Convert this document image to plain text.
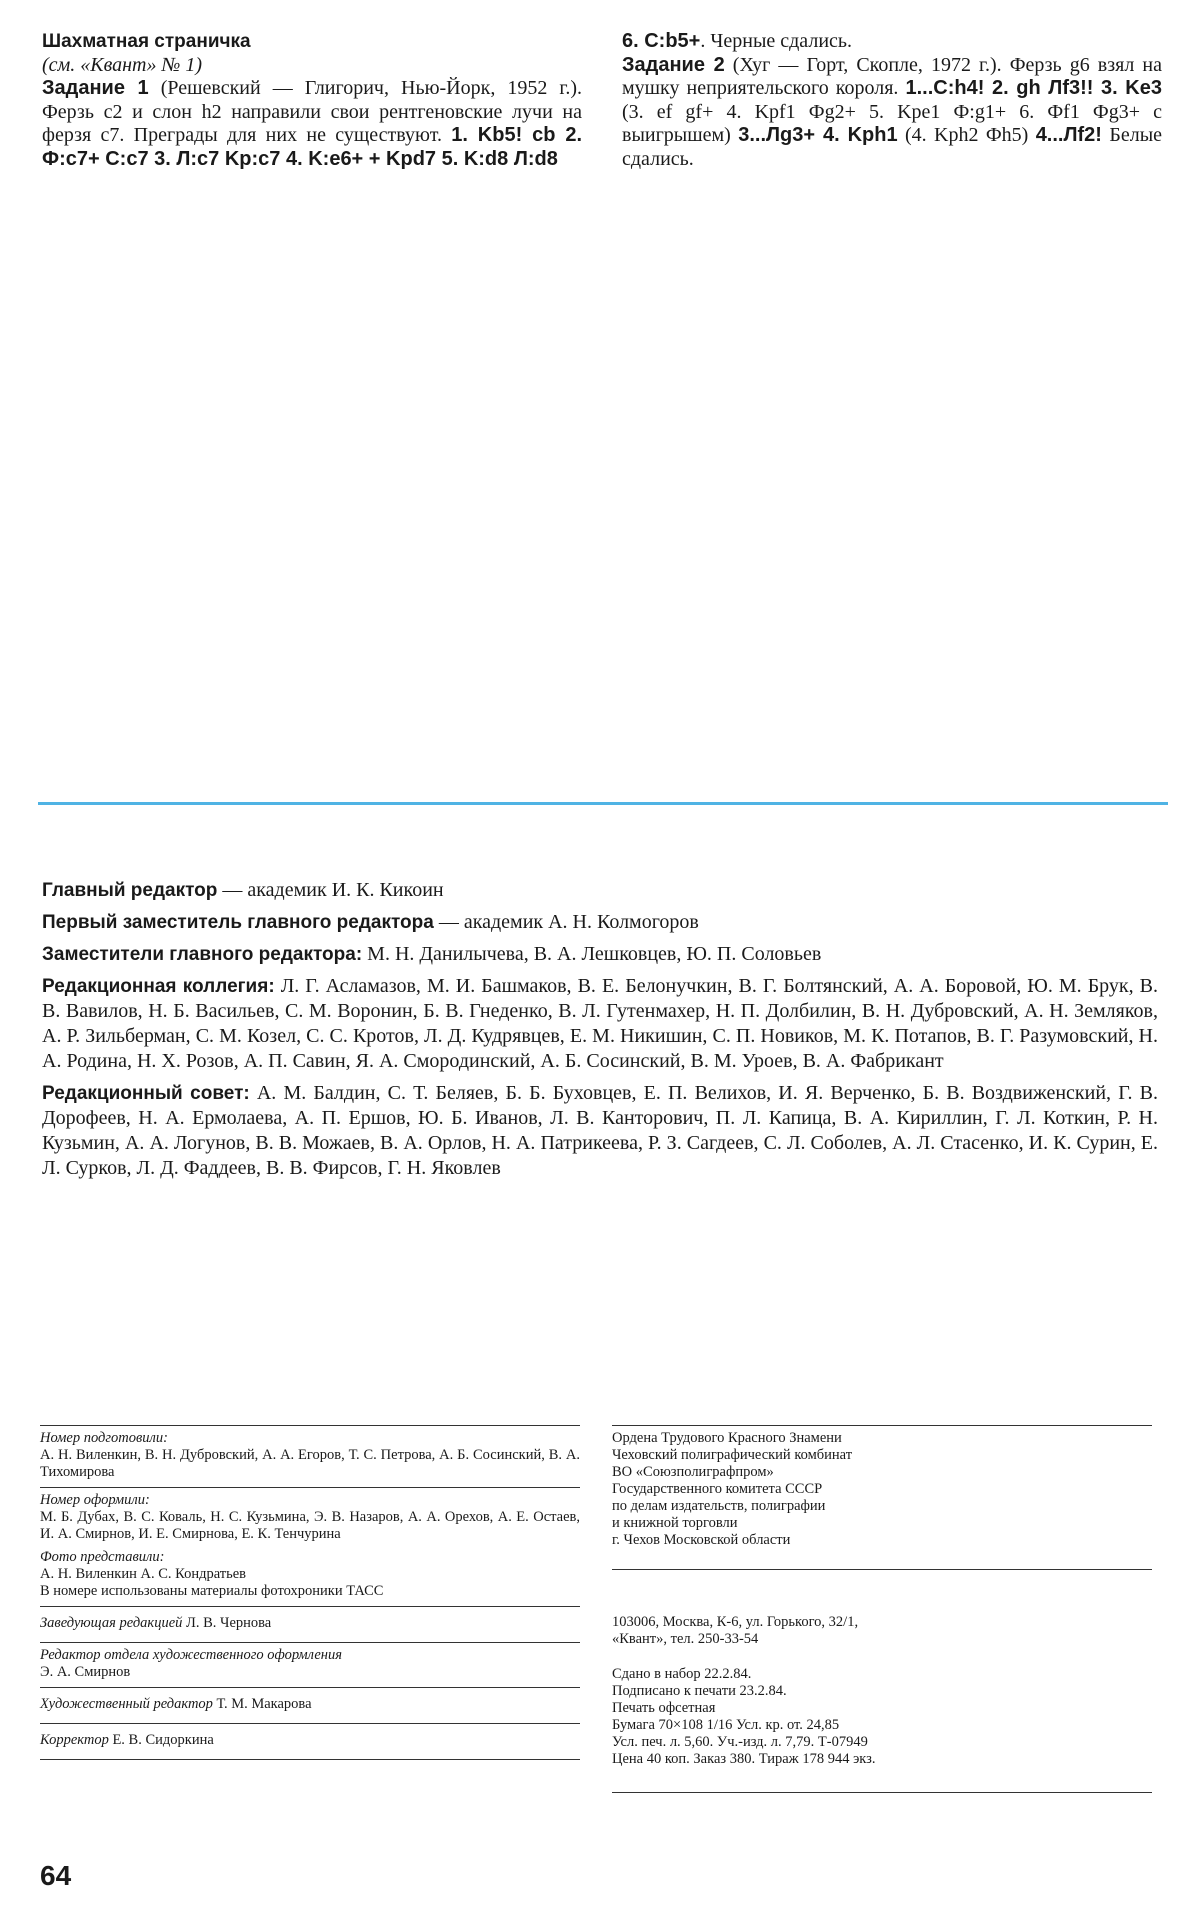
Шахматная страничка

(см. «Квант» № 1)

Задание 1 (Решевский — Глигорич, Нью-Йорк, 1952 г.). Ферзь c2 и слон h2 направили свои рентгеновские лучи на ферзя c7. Преграды для них не существуют. 1. Kb5! cb 2. Ф:c7+ C:c7 3. Л:c7 Kp:c7 4. K:e6+ + Kpd7 5. K:d8 Л:d8

6. C:b5+. Черные сдались.

Задание 2 (Хуг — Горт, Скопле, 1972 г.). Ферзь g6 взял на мушку неприятельского короля. 1...C:h4! 2. gh Лf3!! 3. Ke3 (3. ef gf+ 4. Kpf1 Фg2+ 5. Kpe1 Ф:g1+ 6. Фf1 Фg3+ с выигрышем) 3...Лg3+ 4. Kph1 (4. Kph2 Фh5) 4...Лf2! Белые сдались.

Главный редактор — академик И. К. Кикоин

Первый заместитель главного редактора — академик А. Н. Колмогоров

Заместители главного редактора: М. Н. Данилычева, В. А. Лешковцев, Ю. П. Соловьев

Редакционная коллегия: Л. Г. Асламазов, М. И. Башмаков, В. Е. Белонучкин, В. Г. Болтянский, А. А. Боровой, Ю. М. Брук, В. В. Вавилов, Н. Б. Васильев, С. М. Воронин, Б. В. Гнеденко, В. Л. Гутенмахер, Н. П. Долбилин, В. Н. Дубровский, А. Н. Земляков, А. Р. Зильберман, С. М. Козел, С. С. Кротов, Л. Д. Кудрявцев, Е. М. Никишин, С. П. Новиков, М. К. Потапов, В. Г. Разумовский, Н. А. Родина, Н. Х. Розов, А. П. Савин, Я. А. Смородинский, А. Б. Сосинский, В. М. Уроев, В. А. Фабрикант

Редакционный совет: А. М. Балдин, С. Т. Беляев, Б. Б. Буховцев, Е. П. Велихов, И. Я. Верченко, Б. В. Воздвиженский, Г. В. Дорофеев, Н. А. Ермолаева, А. П. Ершов, Ю. Б. Иванов, Л. В. Канторович, П. Л. Капица, В. А. Кириллин, Г. Л. Коткин, Р. Н. Кузьмин, А. А. Логунов, В. В. Можаев, В. А. Орлов, Н. А. Патрикеева, Р. З. Сагдеев, С. Л. Соболев, А. Л. Стасенко, И. К. Сурин, Е. Л. Сурков, Л. Д. Фаддеев, В. В. Фирсов, Г. Н. Яковлев

Номер подготовили:

А. Н. Виленкин, В. Н. Дубровский, А. А. Егоров, Т. С. Петрова, А. Б. Сосинский, В. А. Тихомирова

Номер оформили:

М. Б. Дубах, В. С. Коваль, Н. С. Кузьмина, Э. В. Назаров, А. А. Орехов, А. Е. Остаев, И. А. Смирнов, И. Е. Смирнова, Е. К. Тенчурина

Фото представили:

А. Н. Виленкин А. С. Кондратьев

В номере использованы материалы фотохроники ТАСС

Заведующая редакцией Л. В. Чернова

Редактор отдела художественного оформления

Э. А. Смирнов

Художественный редактор Т. М. Макарова

Корректор Е. В. Сидоркина

Ордена Трудового Красного Знамени

Чеховский полиграфический комбинат

ВО «Союзполиграфпром»

Государственного комитета СССР

по делам издательств, полиграфии

и книжной торговли

г. Чехов Московской области

103006, Москва, К-6, ул. Горького, 32/1,

«Квант», тел. 250-33-54

Сдано в набор 22.2.84.

Подписано к печати 23.2.84.

Печать офсетная

Бумага 70×108 1/16 Усл. кр. от. 24,85

Усл. печ. л. 5,60. Уч.-изд. л. 7,79. Т-07949

Цена 40 коп. Заказ 380. Тираж 178 944 экз.

64
